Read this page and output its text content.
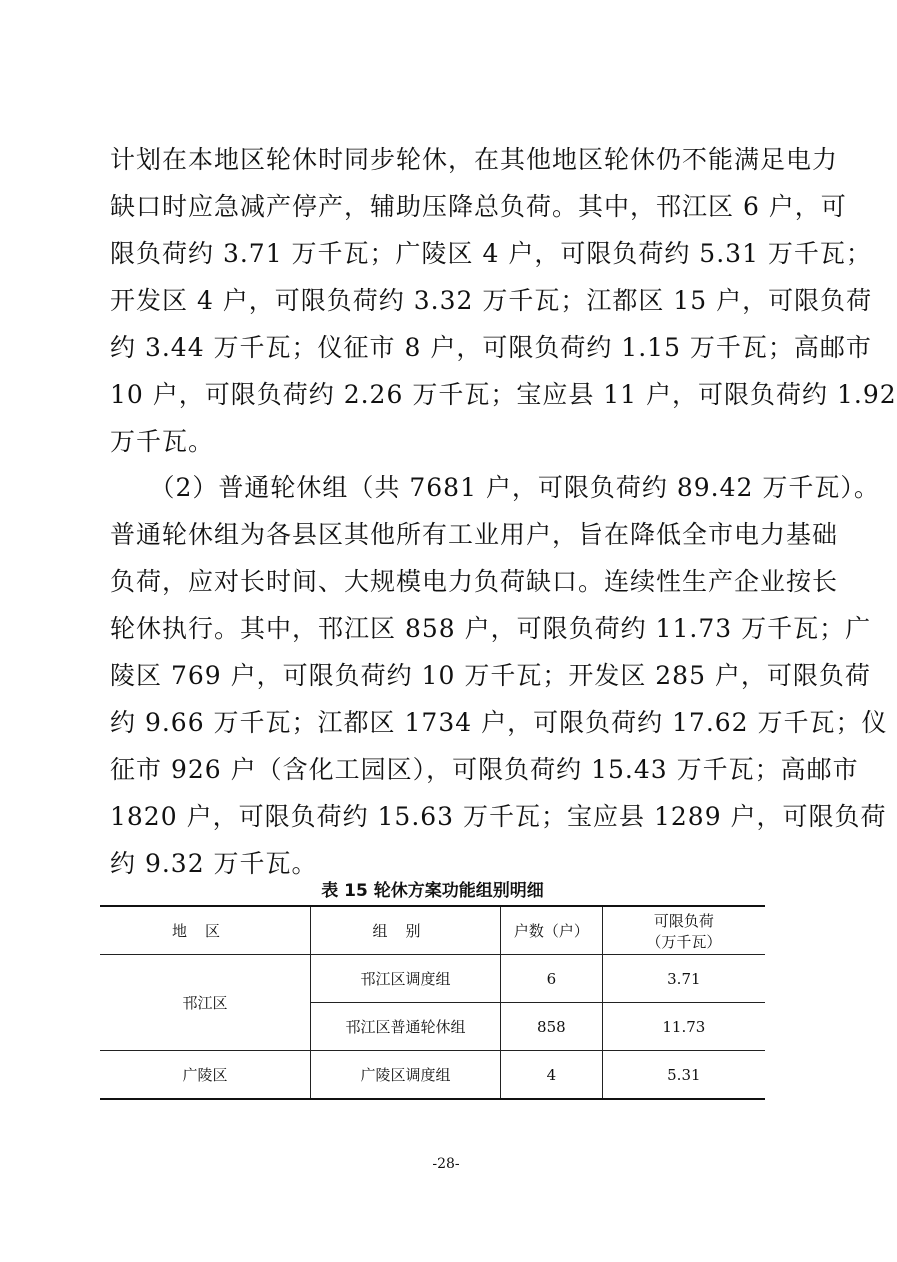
计划在本地区轮休时同步轮休，在其他地区轮休仍不能满足电力
缺口时应急减产停产，辅助压降总负荷。其中，邗江区 6 户，可
限负荷约 3.71 万千瓦；广陵区 4 户，可限负荷约 5.31 万千瓦；
开发区 4 户，可限负荷约 3.32 万千瓦；江都区 15 户，可限负荷
约 3.44 万千瓦；仪征市 8 户，可限负荷约 1.15 万千瓦；高邮市
10 户，可限负荷约 2.26 万千瓦；宝应县 11 户，可限负荷约 1.92
万千瓦。
　　（2）普通轮休组（共 7681 户，可限负荷约 89.42 万千瓦）。
普通轮休组为各县区其他所有工业用户，旨在降低全市电力基础
负荷，应对长时间、大规模电力负荷缺口。连续性生产企业按长
轮休执行。其中，邗江区 858 户，可限负荷约 11.73 万千瓦；广
陵区 769 户，可限负荷约 10 万千瓦；开发区 285 户，可限负荷
约 9.66 万千瓦；江都区 1734 户，可限负荷约 17.62 万千瓦；仪
征市 926 户（含化工园区），可限负荷约 15.43 万千瓦；高邮市
1820 户，可限负荷约 15.63 万千瓦；宝应县 1289 户，可限负荷
约 9.32 万千瓦。
表 15 轮休方案功能组别明细
地区	组别	户数（户）	可限负荷
（万千瓦）

邗江区	邗江区调度组	6	3.71
	邗江区普通轮休组	858	11.73
广陵区	广陵区调度组	4	5.31
-28-
